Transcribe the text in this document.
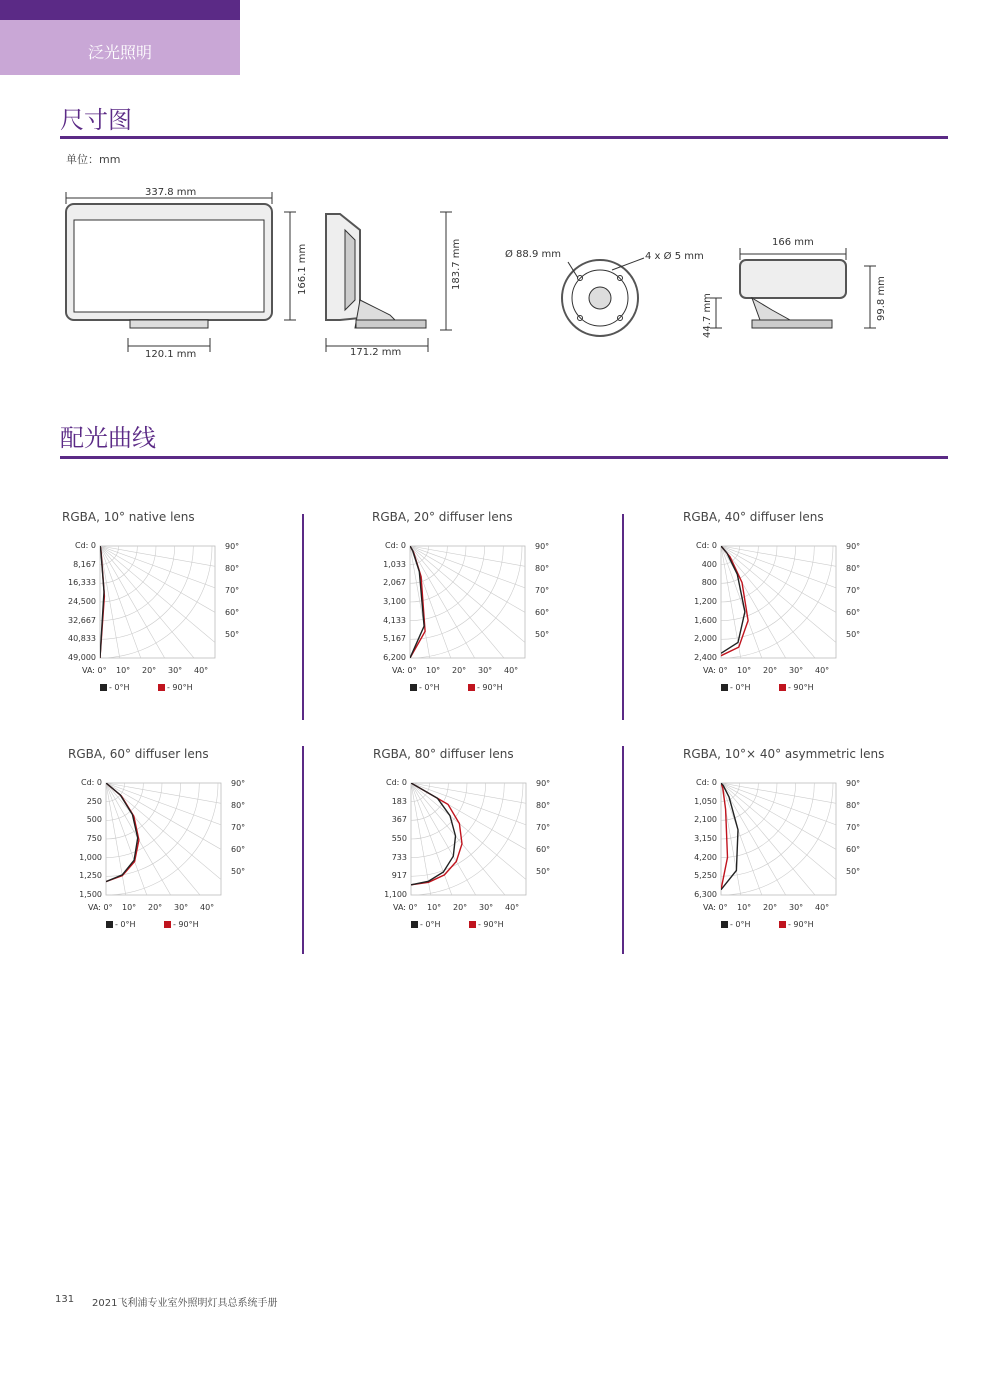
泛光照明
尺寸图
单位：mm
337.8 mm
120.1 mm
166.1 mm	183.7 mm
171.2 mm
Ø 88.9 mm	4 x Ø 5 mm
166 mm
99.8 mm
44.7 mm
配光曲线
RGBA, 10° native lens
Cd: 0
8,167
16,333
24,500
32,667
40,833
49,000
90°
80°
70°
60°
50°
VA: 0° 10° 20° 30° 40°
- 0°H	- 90°H
RGBA, 20° diffuser lens
Cd: 0
1,033
2,067
3,100
4,133
5,167
6,200
90°
80°
70°
60°
50°
VA: 0° 10° 20° 30° 40°
- 0°H	- 90°H
RGBA, 40° diffuser lens
Cd: 0
400
800
1,200
1,600
2,000
2,400
90°
80°
70°
60°
50°
VA: 0° 10° 20° 30° 40°
- 0°H	- 90°H
RGBA, 60° diffuser lens
Cd: 0
250
500
750
1,000
1,250
1,500
90°
80°
70°
60°
50°
VA: 0° 10° 20° 30° 40°
- 0°H	- 90°H
RGBA, 80° diffuser lens
Cd: 0
183
367
550
733
917
1,100
90°
80°
70°
60°
50°
VA: 0° 10° 20° 30° 40°
- 0°H	- 90°H
RGBA, 10°× 40° asymmetric lens
Cd: 0
1,050
2,100
3,150
4,200
5,250
6,300
90°
80°
70°
60°
50°
VA: 0° 10° 20° 30° 40°
- 0°H	- 90°H
131 2021飞利浦专业室外照明灯具总系统手册
